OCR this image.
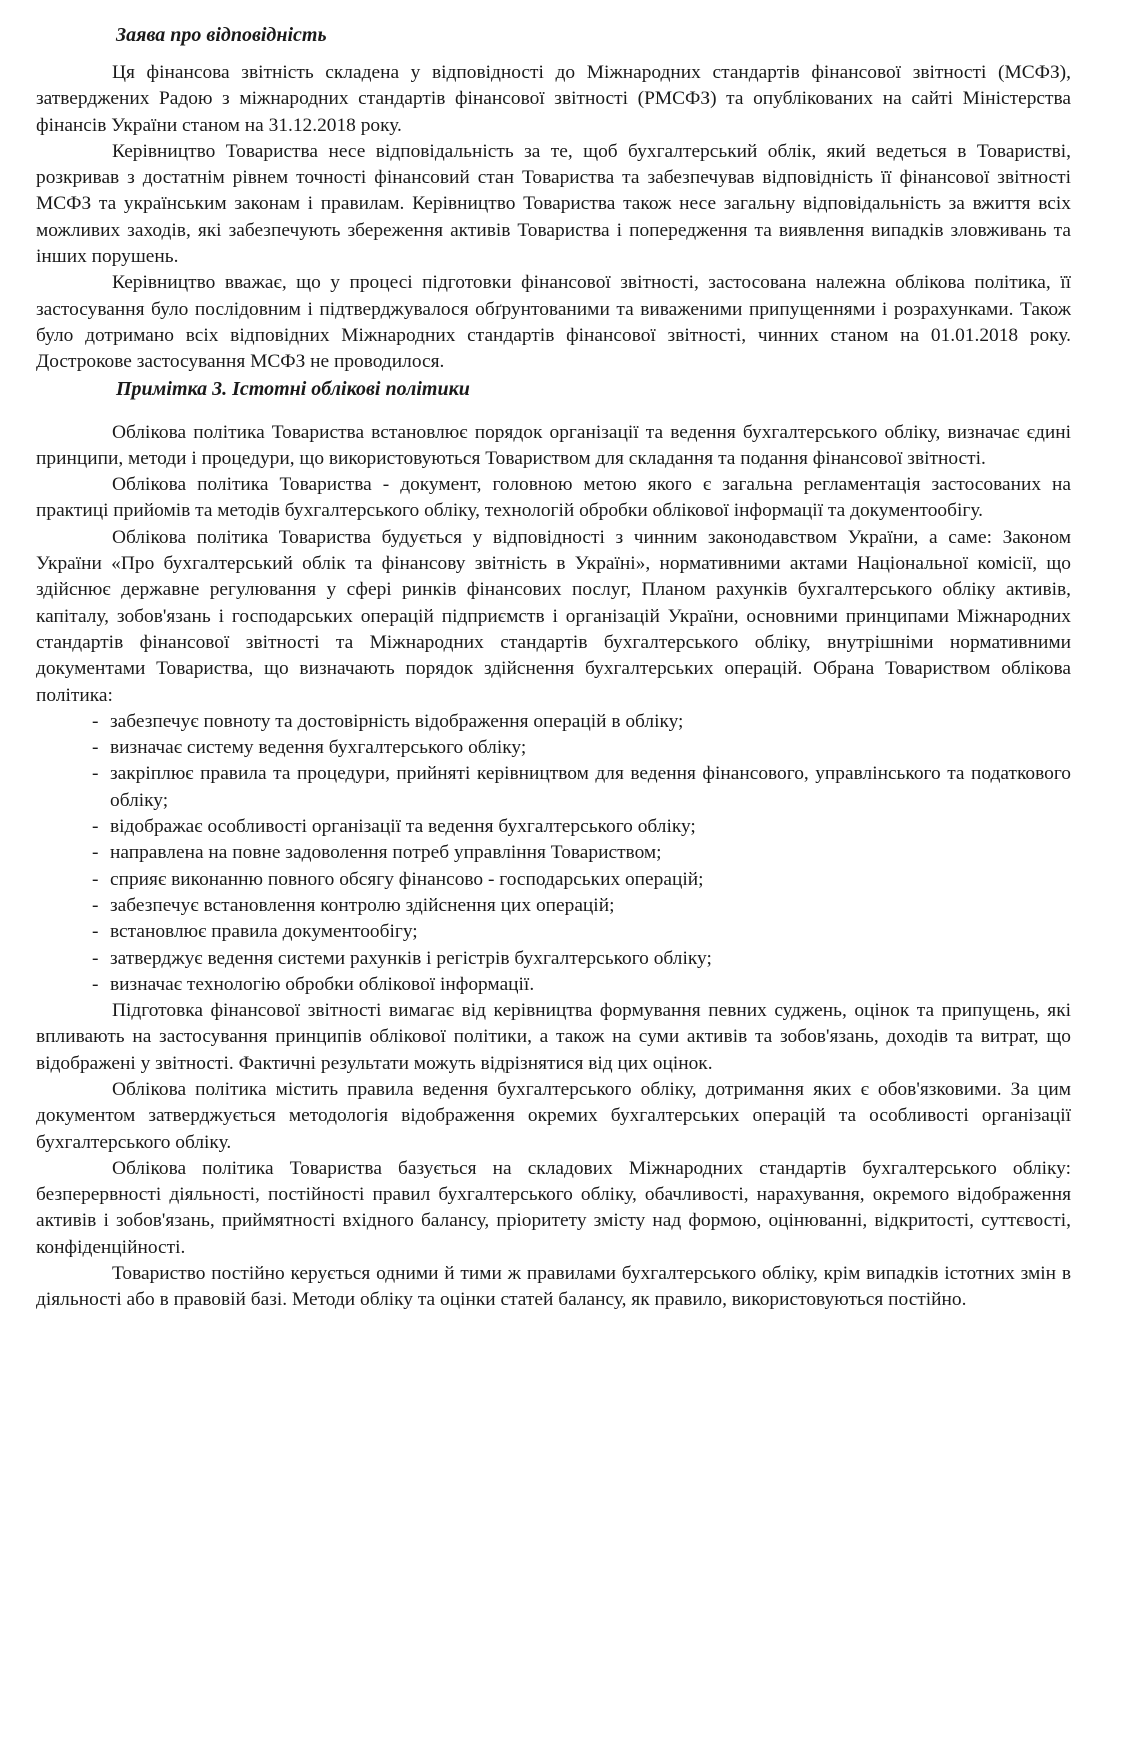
Заява про відповідність

Ця фінансова звітність складена у відповідності до Міжнародних стандартів фінансової звітності (МСФЗ), затверджених Радою з міжнародних стандартів фінансової звітності (РМСФЗ) та опублікованих на сайті Міністерства фінансів України станом на 31.12.2018 року.

Керівництво Товариства несе відповідальність за те, щоб бухгалтерський облік, який ведеться в Товаристві, розкривав з достатнім рівнем точності фінансовий стан Товариства та забезпечував відповідність її фінансової звітності МСФЗ та українським законам і правилам. Керівництво Товариства також несе загальну відповідальність за вжиття всіх можливих заходів, які забезпечують збереження активів Товариства і попередження та виявлення випадків зловживань та інших порушень.

Керівництво вважає, що у процесі підготовки фінансової звітності, застосована належна облікова політика, її застосування було послідовним і підтверджувалося обґрунтованими та виваженими припущеннями і розрахунками. Також було дотримано всіх відповідних Міжнародних стандартів фінансової звітності, чинних станом на 01.01.2018 року. Дострокове застосування МСФЗ не проводилося.

Примітка 3. Істотні облікові політики

Облікова політика Товариства встановлює порядок організації та ведення бухгалтерського обліку, визначає єдині принципи, методи і процедури, що використовуються Товариством для складання та подання фінансової звітності.

Облікова політика Товариства - документ, головною метою якого є загальна регламентація застосованих на практиці прийомів та методів бухгалтерського обліку, технологій обробки облікової інформації та документообігу.

Облікова політика Товариства будується у відповідності з чинним законодавством України, а саме: Законом України «Про бухгалтерський облік та фінансову звітність в Україні», нормативними актами Національної комісії, що здійснює державне регулювання у сфері ринків фінансових послуг, Планом рахунків бухгалтерського обліку активів, капіталу, зобов'язань і господарських операцій підприємств і організацій України, основними принципами Міжнародних стандартів фінансової звітності та Міжнародних стандартів бухгалтерського обліку, внутрішніми нормативними документами Товариства, що визначають порядок здійснення бухгалтерських операцій. Обрана Товариством облікова політика:

- забезпечує повноту та достовірність відображення операцій в обліку;
- визначає систему ведення бухгалтерського обліку;
- закріплює правила та процедури, прийняті керівництвом для ведення фінансового, управлінського та податкового обліку;
- відображає особливості організації та ведення бухгалтерського обліку;
- направлена на повне задоволення потреб управління Товариством;
- сприяє виконанню повного обсягу фінансово - господарських операцій;
- забезпечує встановлення контролю здійснення цих операцій;
- встановлює правила документообігу;
- затверджує ведення системи рахунків і регістрів бухгалтерського обліку;
- визначає технологію обробки облікової інформації.

Підготовка фінансової звітності вимагає від керівництва формування певних суджень, оцінок та припущень, які впливають на застосування принципів облікової політики, а також на суми активів та зобов'язань, доходів та витрат, що відображені у звітності. Фактичні результати можуть відрізнятися від цих оцінок.

Облікова політика містить правила ведення бухгалтерського обліку, дотримання яких є обов'язковими. За цим документом затверджується методологія відображення окремих бухгалтерських операцій та особливості організації бухгалтерського обліку.

Облікова політика Товариства базується на складових Міжнародних стандартів бухгалтерського обліку: безперервності діяльності, постійності правил бухгалтерського обліку, обачливості, нарахування, окремого відображення активів і зобов'язань, приймятності вхідного балансу, пріоритету змісту над формою, оцінюванні, відкритості, суттєвості, конфіденційності.

Товариство постійно керується одними й тими ж правилами бухгалтерського обліку, крім випадків істотних змін в діяльності або в правовій базі. Методи обліку та оцінки статей балансу, як правило, використовуються постійно.
